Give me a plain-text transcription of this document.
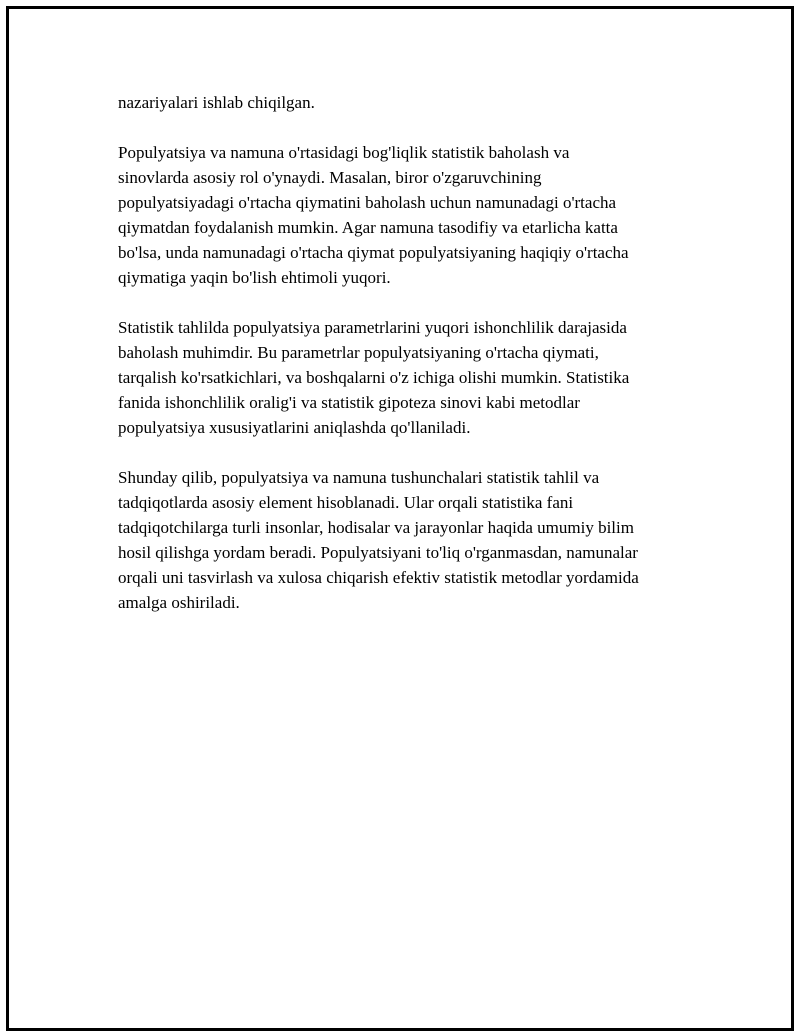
nazariyalari ishlab chiqilgan.

Populyatsiya va namuna o'rtasidagi bog'liqlik statistik baholash va
sinovlarda asosiy rol o'ynaydi. Masalan, biror o'zgaruvchining
populyatsiyadagi o'rtacha qiymatini baholash uchun namunadagi o'rtacha
qiymatdan foydalanish mumkin. Agar namuna tasodifiy va etarlicha katta
bo'lsa, unda namunadagi o'rtacha qiymat populyatsiyaning haqiqiy o'rtacha
qiymatiga yaqin bo'lish ehtimoli yuqori.

Statistik tahlilda populyatsiya parametrlarini yuqori ishonchlilik darajasida
baholash muhimdir. Bu parametrlar populyatsiyaning o'rtacha qiymati,
tarqalish ko'rsatkichlari, va boshqalarni o'z ichiga olishi mumkin. Statistika
fanida ishonchlilik oralig'i va statistik gipoteza sinovi kabi metodlar
populyatsiya xususiyatlarini aniqlashda qo'llaniladi.

Shunday qilib, populyatsiya va namuna tushunchalari statistik tahlil va
tadqiqotlarda asosiy element hisoblanadi. Ular orqali statistika fani
tadqiqotchilarga turli insonlar, hodisalar va jarayonlar haqida umumiy bilim
hosil qilishga yordam beradi. Populyatsiyani to'liq o'rganmasdan, namunalar
orqali uni tasvirlash va xulosa chiqarish efektiv statistik metodlar yordamida
amalga oshiriladi.
